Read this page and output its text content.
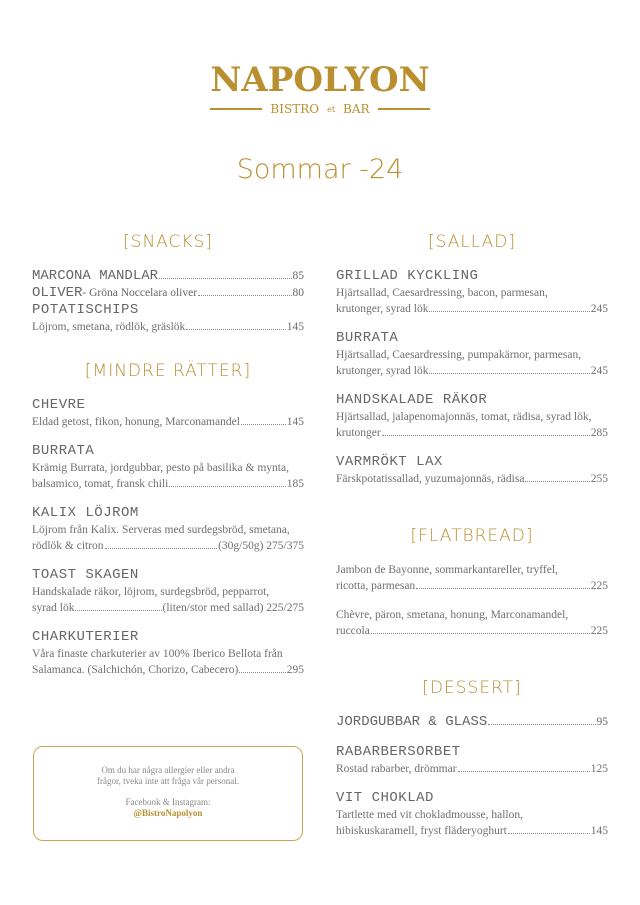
NAPOLYON
BISTRO et BAR
Sommar -24
[SNACKS]
MARCONA MANDLAR	85
OLIVER - Gröna Noccelara oliver	80
POTATISCHIPS
Löjrom, smetana, rödlök, gräslök	145
[MINDRE RÄTTER]
CHEVRE
Eldad getost, fikon, honung, Marconamandel	145
BURRATA
Krämig Burrata, jordgubbar, pesto på basilika & mynta,
balsamico, tomat, fransk chili	185
KALIX LÖJROM
Löjrom från Kalix. Serveras med surdegsbröd, smetana,
rödlök & citron	(30g/50g) 275/375
TOAST SKAGEN
Handskalade räkor, löjrom, surdegsbröd, pepparrot,
syrad lök	(liten/stor med sallad) 225/275
CHARKUTERIER
Våra finaste charkuterier av 100% Iberico Bellota från
Salamanca. (Salchichón, Chorizo, Cabecero)	295
[SALLAD]
GRILLAD KYCKLING
Hjärtsallad, Caesardressing, bacon, parmesan,
krutonger, syrad lök	245
BURRATA
Hjärtsallad, Caesardressing, pumpakärnor, parmesan,
krutonger, syrad lök	245
HANDSKALADE RÄKOR
Hjärtsallad, jalapenomajonnäs, tomat, rädisa, syrad lök,
krutonger	285
VARMRÖKT LAX
Färskpotatissallad, yuzumajonnäs, rädisa	255
[FLATBREAD]
Jambon de Bayonne, sommarkantareller, tryffel,
ricotta, parmesan	225
Chèvre, päron, smetana, honung, Marconamandel,
ruccola	225
[DESSERT]
JORDGUBBAR & GLASS	95
RABARBERSORBET
Rostad rabarber, drömmar	125
VIT CHOKLAD
Tartlette med vit chokladmousse, hallon,
hibiskuskaramell, fryst fläderyoghurt	145

Om du har några allergier eller andra
frågor, tveka inte att fråga vår personal.

Facebook & Instagram:
@BistroNapolyon
